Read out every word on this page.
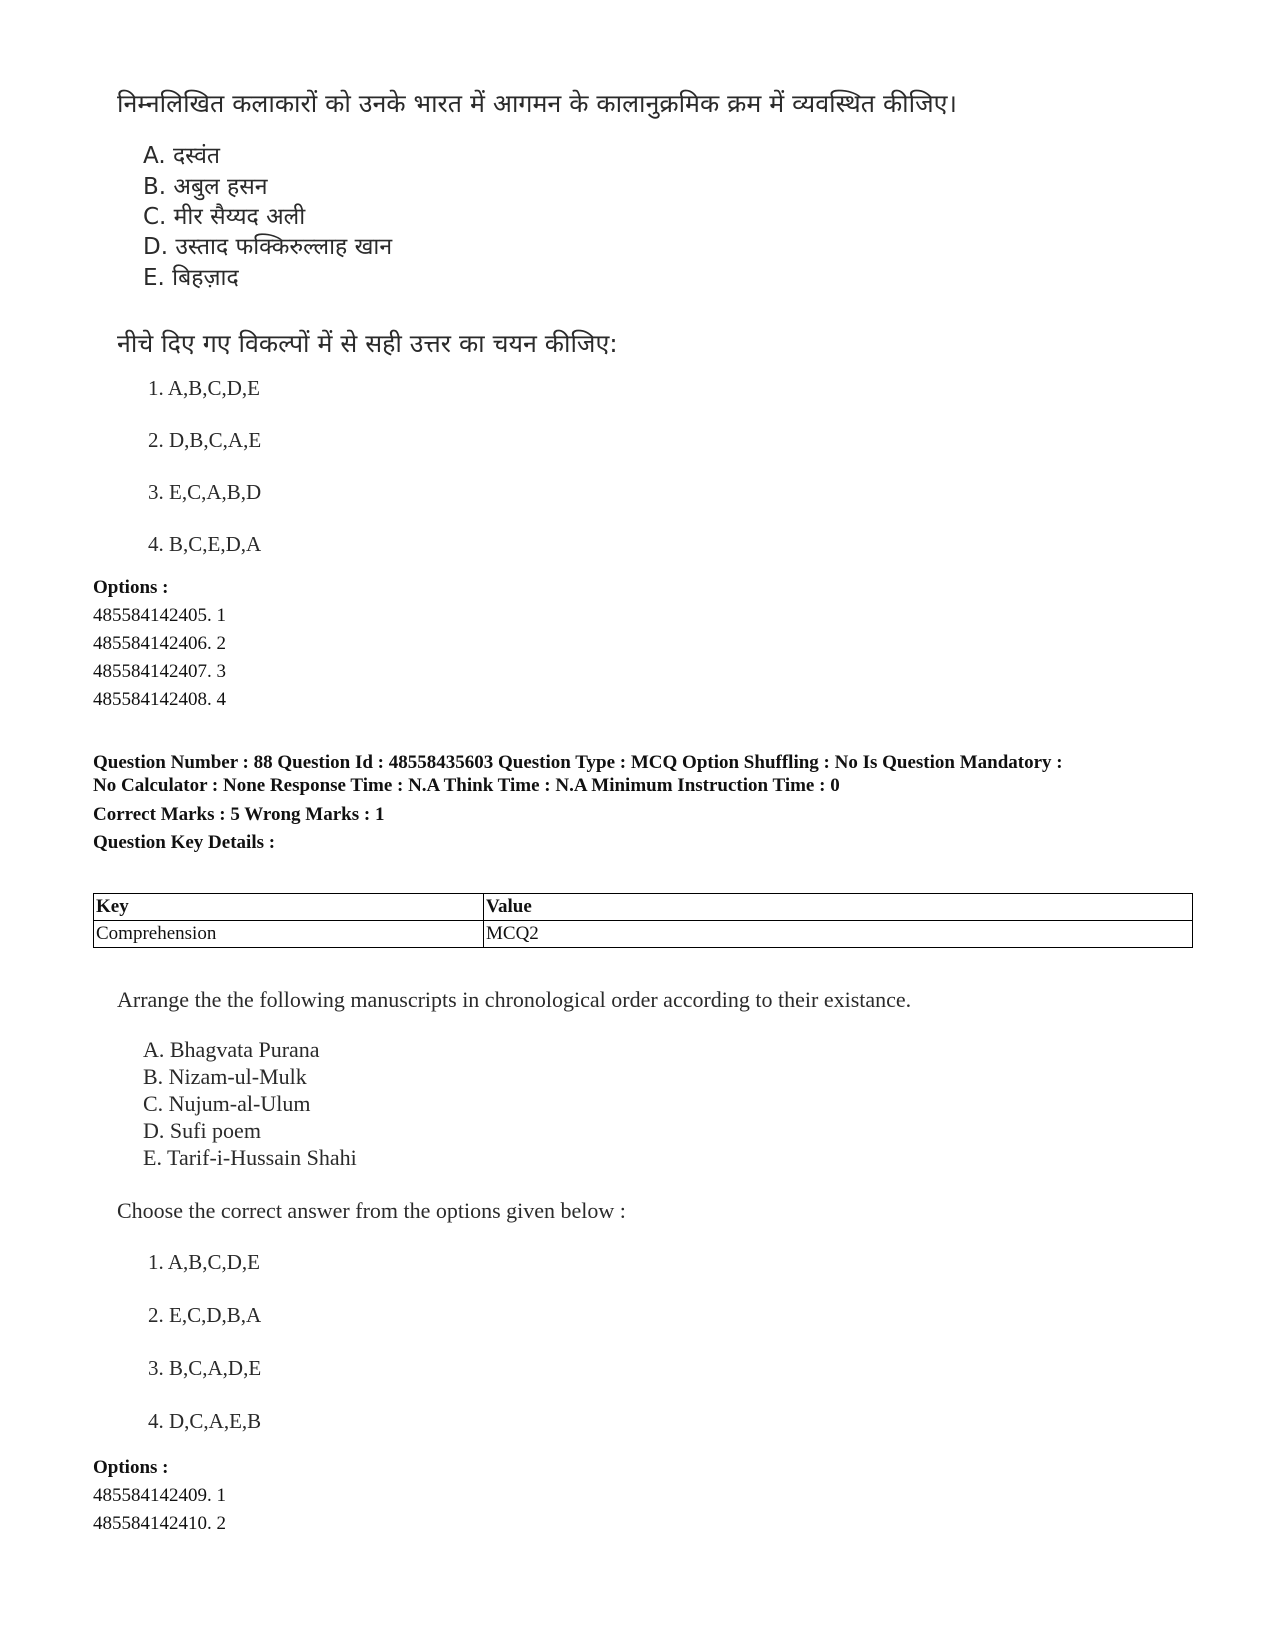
निम्नलिखित कलाकारों को उनके भारत में आगमन के कालानुक्रमिक क्रम में व्यवस्थित कीजिए।
A. दस्वंत
B. अबुल हसन
C. मीर सैय्यद अली
D. उस्ताद फक्किरुल्लाह खान
E. बिहज़ाद
नीचे दिए गए विकल्पों में से सही उत्तर का चयन कीजिए:
1. A,B,C,D,E
2. D,B,C,A,E
3. E,C,A,B,D
4. B,C,E,D,A
Options :
485584142405. 1
485584142406. 2
485584142407. 3
485584142408. 4
Question Number : 88 Question Id : 48558435603 Question Type : MCQ Option Shuffling : No Is Question Mandatory :
No Calculator : None Response Time : N.A Think Time : N.A Minimum Instruction Time : 0
Correct Marks : 5 Wrong Marks : 1
Question Key Details :
Key	Value
Comprehension	MCQ2
Arrange the the following manuscripts in chronological order according to their existance.
A. Bhagvata Purana
B. Nizam-ul-Mulk
C. Nujum-al-Ulum
D. Sufi poem
E. Tarif-i-Hussain Shahi
Choose the correct answer from the options given below :
1. A,B,C,D,E
2. E,C,D,B,A
3. B,C,A,D,E
4. D,C,A,E,B
Options :
485584142409. 1
485584142410. 2
